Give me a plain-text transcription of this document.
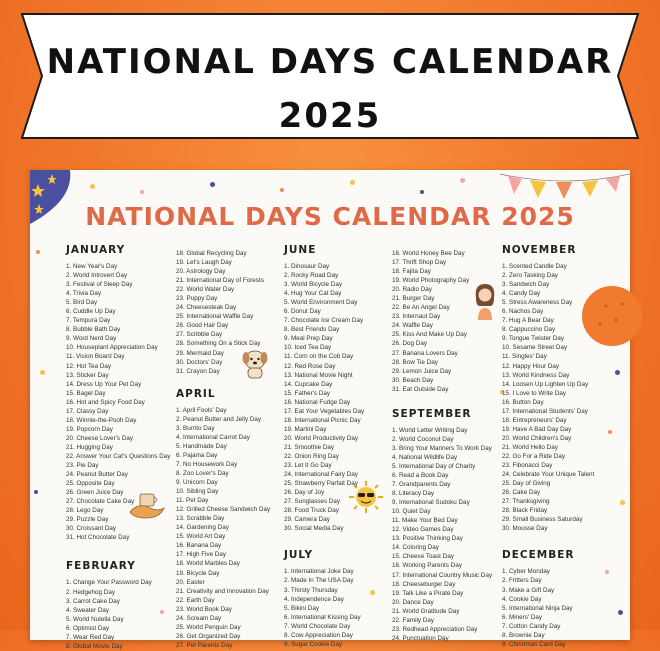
NATIONAL DAYS CALENDAR
2025
NATIONAL DAYS CALENDAR 2025
JANUARY
1. New Year's Day
2. World Introvert Day
3. Festival of Sleep Day
4. Trivia Day
5. Bird Day
6. Cuddle Up Day
7. Tempura Day
8. Bubble Bath Day
9. Word Nerd Day
10. Houseplant Appreciation Day
11. Vision Board Day
12. Hot Tea Day
13. Sticker Day
14. Dress Up Your Pet Day
15. Bagel Day
16. Hot and Spicy Food Day
17. Classy Day
18. Winnie-the-Pooh Day
19. Popcorn Day
20. Cheese Lover's Day
21. Hugging Day
22. Answer Your Cat's Questions Day
23. Pie Day
24. Peanut Butter Day
25. Opposite Day
26. Green Juice Day
27. Chocolate Cake Day
28. Lego Day
29. Puzzle Day
30. Croissant Day
31. Hot Chocolate Day
FEBRUARY
1. Change Your Password Day
2. Hedgehog Day
3. Carrot Cake Day
4. Sweater Day
5. World Nutella Day
6. Optimist Day
7. Wear Red Day
8. Global Movie Day
18. Global Recycling Day
19. Let's Laugh Day
20. Astrology Day
21. International Day of Forests
22. World Water Day
23. Puppy Day
24. Cheesesteak Day
25. International Waffle Day
26. Good Hair Day
27. Scribble Day
28. Something On a Stick Day
29. Mermaid Day
30. Doctors' Day
31. Crayon Day
APRIL
1. April Fools' Day
2. Peanut Butter and Jelly Day
3. Burrito Day
4. International Carrot Day
5. Handmade Day
6. Pajama Day
7. No Housework Day
8. Zoo Lover's Day
9. Unicorn Day
10. Sibling Day
11. Pet Day
12. Grilled Cheese Sandwich Day
13. Scrabble Day
14. Gardening Day
15. World Art Day
16. Banana Day
17. High Five Day
18. World Marbles Day
19. Bicycle Day
20. Easter
21. Creativity and Innovation Day
22. Earth Day
23. World Book Day
24. Scream Day
25. World Penguin Day
26. Get Organized Day
27. Pet Parents Day
JUNE
1. Dinosaur Day
2. Rocky Road Day
3. World Bicycle Day
4. Hug Your Cat Day
5. World Environment Day
6. Donut Day
7. Chocolate Ice Cream Day
8. Best Friends Day
9. Meal Prep Day
10. Iced Tea Day
11. Corn on the Cob Day
12. Red Rose Day
13. National Movie Night
14. Cupcake Day
15. Father's Day
16. National Fudge Day
17. Eat Your Vegetables Day
18. International Picnic Day
19. Martini Day
20. World Productivity Day
21. Smoothie Day
22. Onion Ring Day
23. Let It Go Day
24. International Fairy Day
25. Strawberry Parfait Day
26. Day of Joy
27. Sunglasses Day
28. Food Truck Day
29. Camera Day
30. Social Media Day
JULY
1. International Joke Day
2. Made In The USA Day
3. Thirsty Thursday
4. Independence Day
5. Bikini Day
6. International Kissing Day
7. World Chocolate Day
8. Cow Appreciation Day
9. Sugar Cookie Day
16. World Honey Bee Day
17. Thrift Shop Day
18. Fajita Day
19. World Photography Day
20. Radio Day
21. Burger Day
22. Be An Angel Day
23. Internaut Day
24. Waffle Day
25. Kiss And Make Up Day
26. Dog Day
27. Banana Lovers Day
28. Bow Tie Day
29. Lemon Juice Day
30. Beach Day
31. Eat Outside Day
SEPTEMBER
1. World Letter Writing Day
2. World Coconut Day
3. Bring Your Manners To Work Day
4. National Wildlife Day
5. International Day of Charity
6. Read a Book Day
7. Grandparents Day
8. Literacy Day
9. International Sudoku Day
10. Quiet Day
11. Make Your Bed Day
12. Video Games Day
13. Positive Thinking Day
14. Coloring Day
15. Cheese Toast Day
16. Working Parents Day
17. International Country Music Day
18. Cheeseburger Day
19. Talk Like a Pirate Day
20. Dance Day
21. World Gratitude Day
22. Family Day
23. Redhead Appreciation Day
24. Punctuation Day
NOVEMBER
1. Scented Candle Day
2. Zero Tasking Day
3. Sandwich Day
4. Candy Day
5. Stress Awareness Day
6. Nachos Day
7. Hug A Bear Day
8. Cappuccino Day
9. Tongue Twister Day
10. Sesame Street Day
11. Singles' Day
12. Happy Hour Day
13. World Kindness Day
14. Loosen Up Lighten Up Day
15. I Love to Write Day
16. Button Day
17. International Students' Day
18. Entrepreneurs' Day
19. Have A Bad Day Day
20. World Children's Day
21. World Hello Day
22. Go For a Ride Day
23. Fibonacci Day
24. Celebrate Your Unique Talent
25. Day of Giving
26. Cake Day
27. Thanksgiving
28. Black Friday
29. Small Business Saturday
30. Mousse Day
DECEMBER
1. Cyber Monday
2. Fritters Day
3. Make a Gift Day
4. Cookie Day
5. International Ninja Day
6. Miners' Day
7. Cotton Candy Day
8. Brownie Day
9. Christmas Card Day
